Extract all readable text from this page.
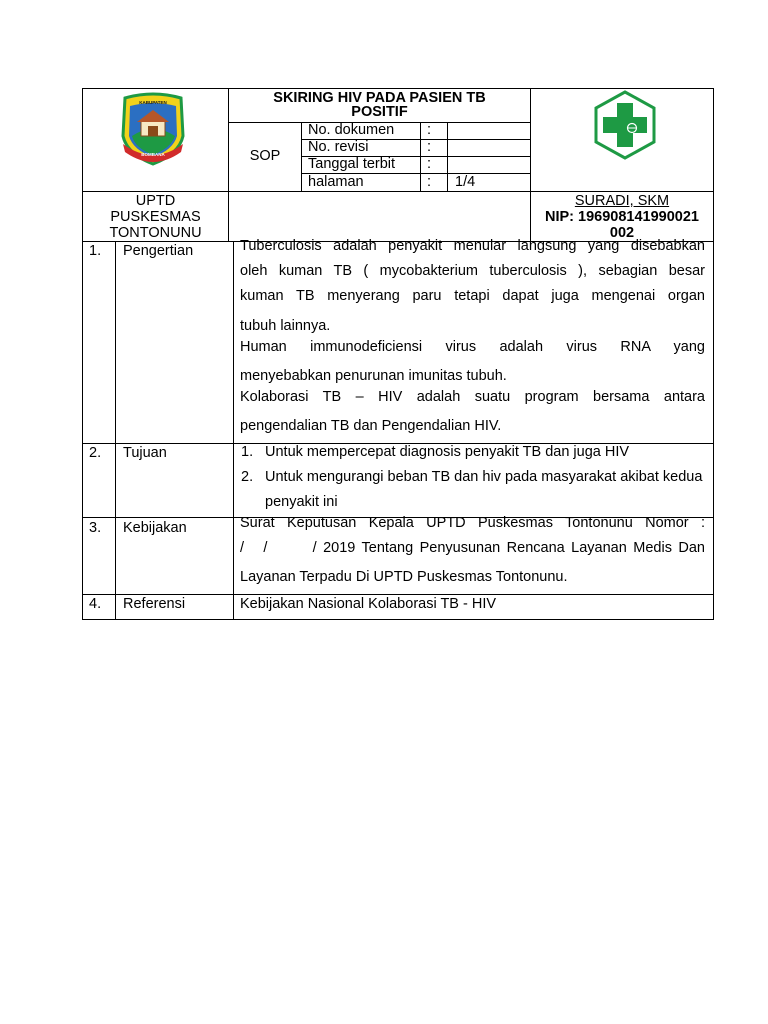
KABUPATEN
BOMBANA
SKIRING HIV PADA PASIEN TB
POSITIF
SOP
No. dokumen :
No. revisi	:
Tanggal terbit :
halaman	: 1/4
UPTD
PUSKESMAS
TONTONUNU
SURADI, SKM
NIP: 196908141990021
002
1. Pengertian	Tuberculosis adalah penyakit menular langsung yang disebabkan
oleh kuman TB ( mycobakterium tuberculosis ), sebagian besar
kuman TB menyerang paru tetapi dapat juga mengenai organ
tubuh lainnya.
Human immunodeficiensi virus adalah virus RNA yang
menyebabkan penurunan imunitas tubuh.
Kolaborasi TB – HIV adalah suatu program bersama antara
pengendalian TB dan Pengendalian HIV.
2. Tujuan	1. Untuk mempercepat diagnosis penyakit TB dan juga HIV
2. Untuk mengurangi beban TB dan hiv pada masyarakat akibat kedua penyakit ini
3. Kebijakan	Surat Keputusan Kepala UPTD Puskesmas Tontonunu Nomor :
/   /       / 2019 Tentang Penyusunan Rencana Layanan Medis Dan
Layanan Terpadu Di UPTD Puskesmas Tontonunu.
4. Referensi	Kebijakan Nasional Kolaborasi TB - HIV
